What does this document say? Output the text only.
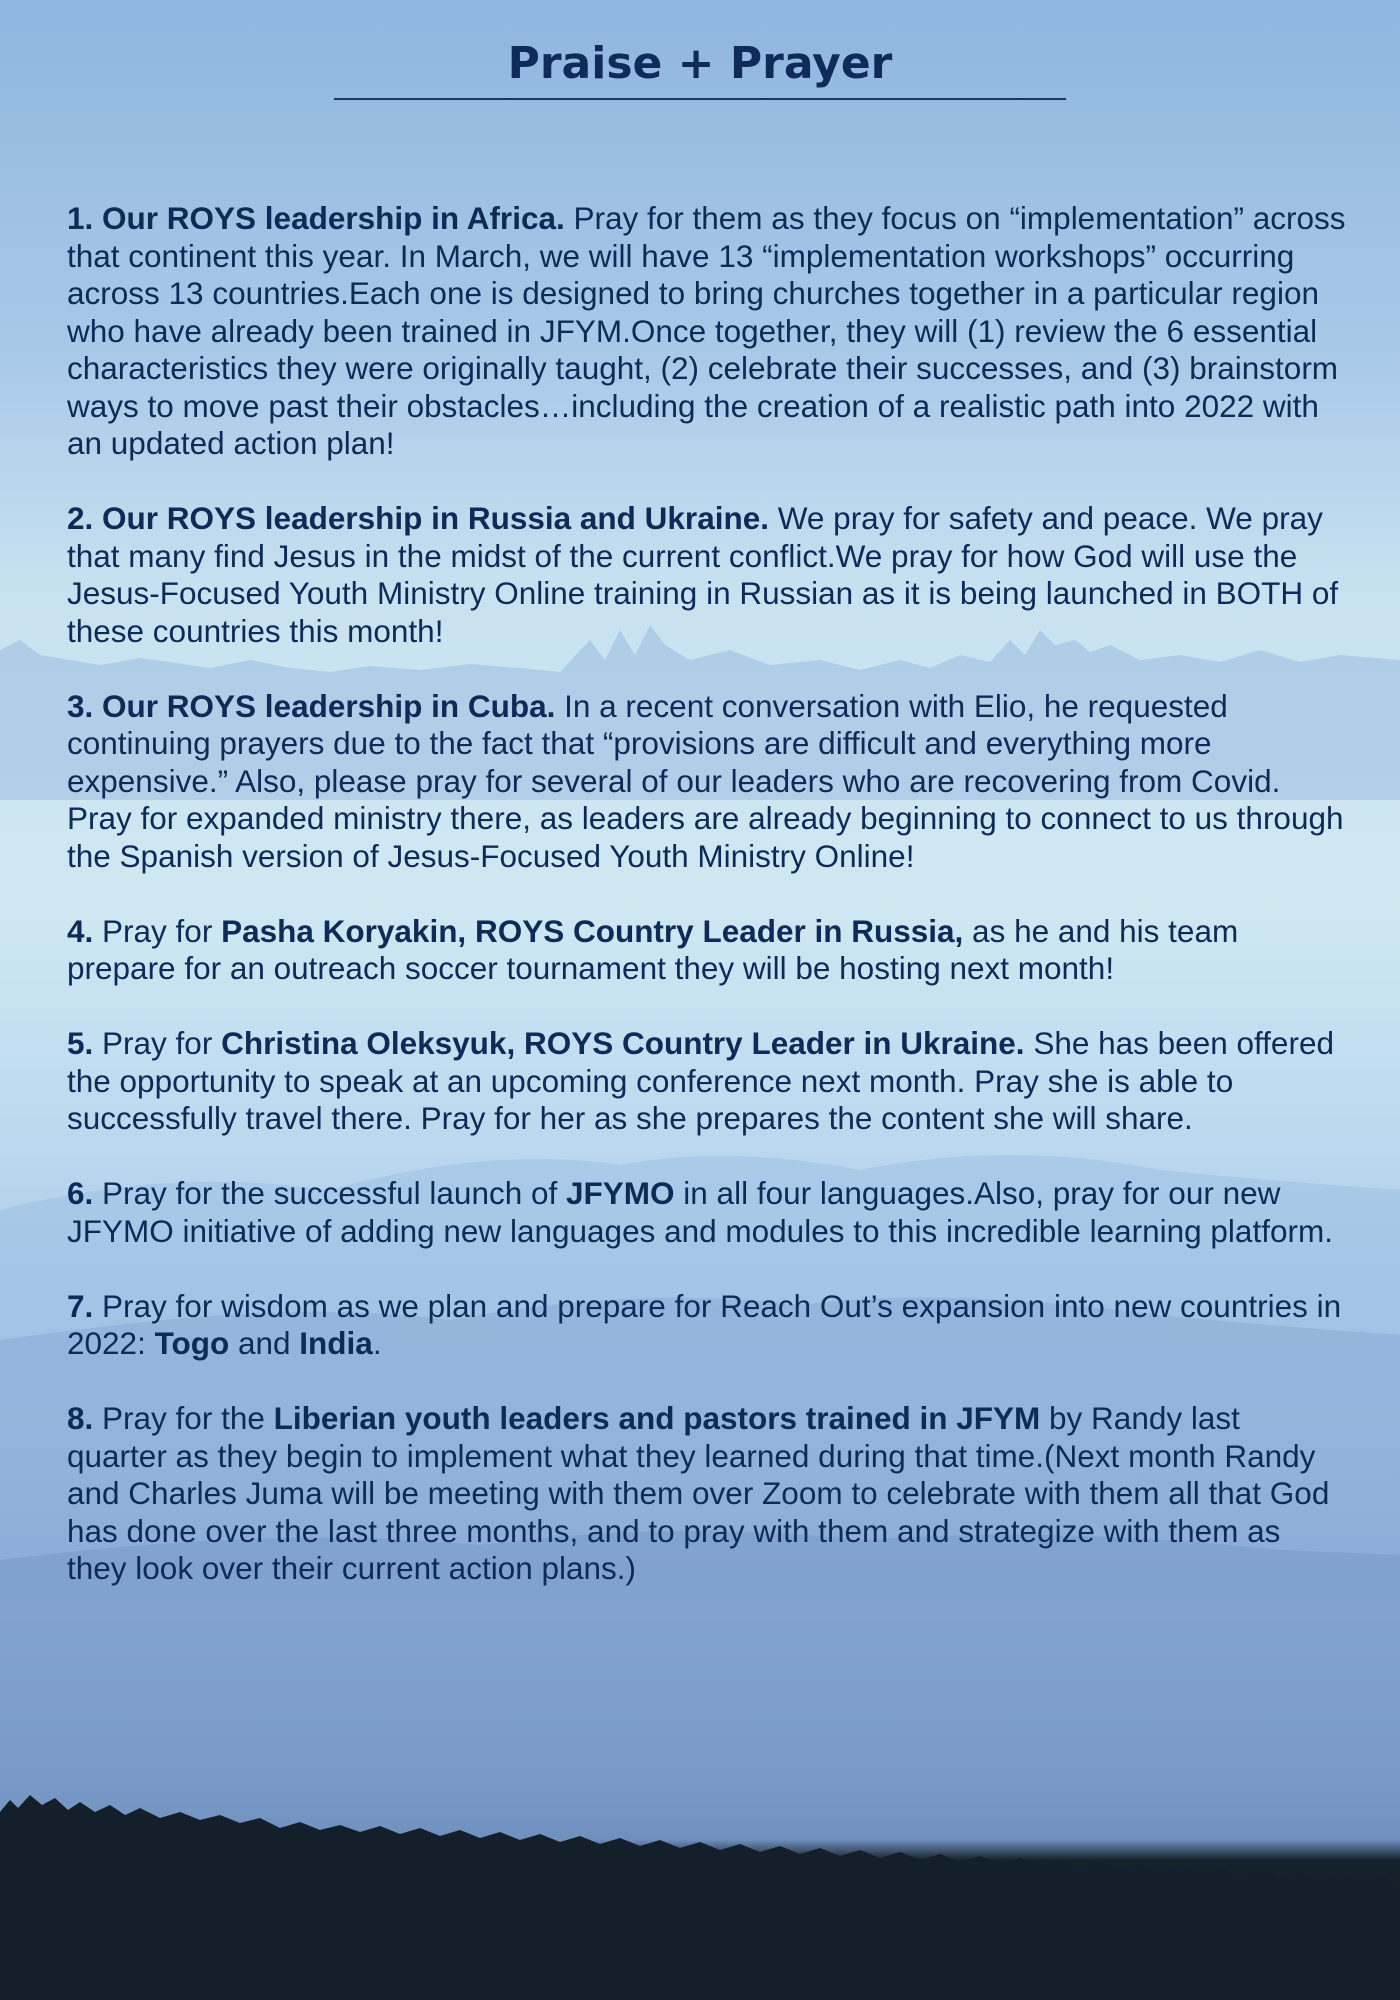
Praise + Prayer
1. Our ROYS leadership in Africa. Pray for them as they focus on “implementation” across that continent this year. In March, we will have 13 “implementation workshops” occurring across 13 countries.Each one is designed to bring churches together in a particular region who have already been trained in JFYM.Once together, they will (1) review the 6 essential characteristics they were originally taught, (2) celebrate their successes, and (3) brainstorm ways to move past their obstacles…including the creation of a realistic path into 2022 with an updated action plan!
2. Our ROYS leadership in Russia and Ukraine. We pray for safety and peace. We pray that many find Jesus in the midst of the current conflict.We pray for how God will use the Jesus-Focused Youth Ministry Online training in Russian as it is being launched in BOTH of these countries this month!
3. Our ROYS leadership in Cuba. In a recent conversation with Elio, he requested continuing prayers due to the fact that “provisions are difficult and everything more expensive.” Also, please pray for several of our leaders who are recovering from Covid. Pray for expanded ministry there, as leaders are already beginning to connect to us through the Spanish version of Jesus-Focused Youth Ministry Online!
4. Pray for Pasha Koryakin, ROYS Country Leader in Russia, as he and his team prepare for an outreach soccer tournament they will be hosting next month!
5. Pray for Christina Oleksyuk, ROYS Country Leader in Ukraine. She has been offered the opportunity to speak at an upcoming conference next month. Pray she is able to successfully travel there. Pray for her as she prepares the content she will share.
6. Pray for the successful launch of JFYMO in all four languages.Also, pray for our new JFYMO initiative of adding new languages and modules to this incredible learning platform.
7. Pray for wisdom as we plan and prepare for Reach Out’s expansion into new countries in 2022: Togo and India.
8. Pray for the Liberian youth leaders and pastors trained in JFYM by Randy last quarter as they begin to implement what they learned during that time.(Next month Randy and Charles Juma will be meeting with them over Zoom to celebrate with them all that God has done over the last three months, and to pray with them and strategize with them as they look over their current action plans.)
